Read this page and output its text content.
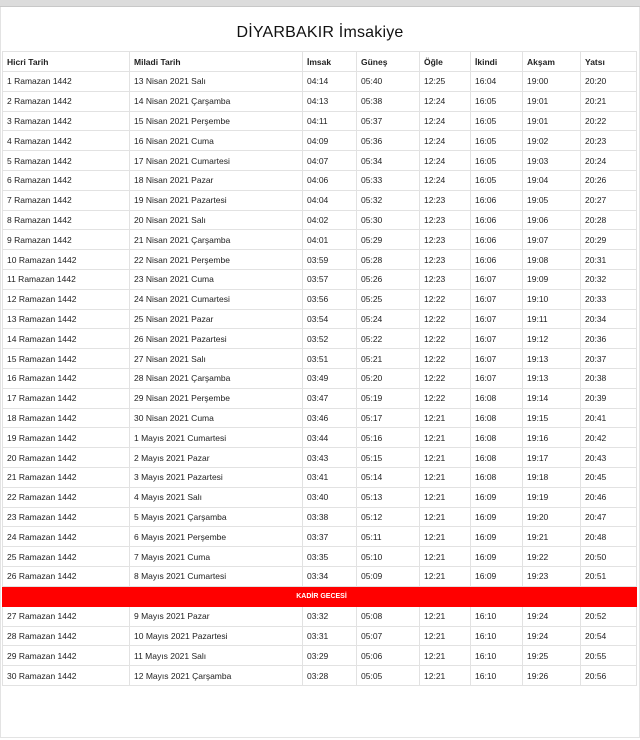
DİYARBAKIR İmsakiye
Hicri Tarih	Miladi Tarih	İmsak	Güneş	Öğle	İkindi	Akşam	Yatsı
1 Ramazan 1442	13 Nisan 2021 Salı	04:14	05:40	12:25	16:04	19:00	20:20
2 Ramazan 1442	14 Nisan 2021 Çarşamba	04:13	05:38	12:24	16:05	19:01	20:21
3 Ramazan 1442	15 Nisan 2021 Perşembe	04:11	05:37	12:24	16:05	19:01	20:22
4 Ramazan 1442	16 Nisan 2021 Cuma	04:09	05:36	12:24	16:05	19:02	20:23
5 Ramazan 1442	17 Nisan 2021 Cumartesi	04:07	05:34	12:24	16:05	19:03	20:24
6 Ramazan 1442	18 Nisan 2021 Pazar	04:06	05:33	12:24	16:05	19:04	20:26
7 Ramazan 1442	19 Nisan 2021 Pazartesi	04:04	05:32	12:23	16:06	19:05	20:27
8 Ramazan 1442	20 Nisan 2021 Salı	04:02	05:30	12:23	16:06	19:06	20:28
9 Ramazan 1442	21 Nisan 2021 Çarşamba	04:01	05:29	12:23	16:06	19:07	20:29
10 Ramazan 1442	22 Nisan 2021 Perşembe	03:59	05:28	12:23	16:06	19:08	20:31
11 Ramazan 1442	23 Nisan 2021 Cuma	03:57	05:26	12:23	16:07	19:09	20:32
12 Ramazan 1442	24 Nisan 2021 Cumartesi	03:56	05:25	12:22	16:07	19:10	20:33
13 Ramazan 1442	25 Nisan 2021 Pazar	03:54	05:24	12:22	16:07	19:11	20:34
14 Ramazan 1442	26 Nisan 2021 Pazartesi	03:52	05:22	12:22	16:07	19:12	20:36
15 Ramazan 1442	27 Nisan 2021 Salı	03:51	05:21	12:22	16:07	19:13	20:37
16 Ramazan 1442	28 Nisan 2021 Çarşamba	03:49	05:20	12:22	16:07	19:13	20:38
17 Ramazan 1442	29 Nisan 2021 Perşembe	03:47	05:19	12:22	16:08	19:14	20:39
18 Ramazan 1442	30 Nisan 2021 Cuma	03:46	05:17	12:21	16:08	19:15	20:41
19 Ramazan 1442	1 Mayıs 2021 Cumartesi	03:44	05:16	12:21	16:08	19:16	20:42
20 Ramazan 1442	2 Mayıs 2021 Pazar	03:43	05:15	12:21	16:08	19:17	20:43
21 Ramazan 1442	3 Mayıs 2021 Pazartesi	03:41	05:14	12:21	16:08	19:18	20:45
22 Ramazan 1442	4 Mayıs 2021 Salı	03:40	05:13	12:21	16:09	19:19	20:46
23 Ramazan 1442	5 Mayıs 2021 Çarşamba	03:38	05:12	12:21	16:09	19:20	20:47
24 Ramazan 1442	6 Mayıs 2021 Perşembe	03:37	05:11	12:21	16:09	19:21	20:48
25 Ramazan 1442	7 Mayıs 2021 Cuma	03:35	05:10	12:21	16:09	19:22	20:50
26 Ramazan 1442	8 Mayıs 2021 Cumartesi	03:34	05:09	12:21	16:09	19:23	20:51
KADİR GECESİ							
27 Ramazan 1442	9 Mayıs 2021 Pazar	03:32	05:08	12:21	16:10	19:24	20:52
28 Ramazan 1442	10 Mayıs 2021 Pazartesi	03:31	05:07	12:21	16:10	19:24	20:54
29 Ramazan 1442	11 Mayıs 2021 Salı	03:29	05:06	12:21	16:10	19:25	20:55
30 Ramazan 1442	12 Mayıs 2021 Çarşamba	03:28	05:05	12:21	16:10	19:26	20:56
